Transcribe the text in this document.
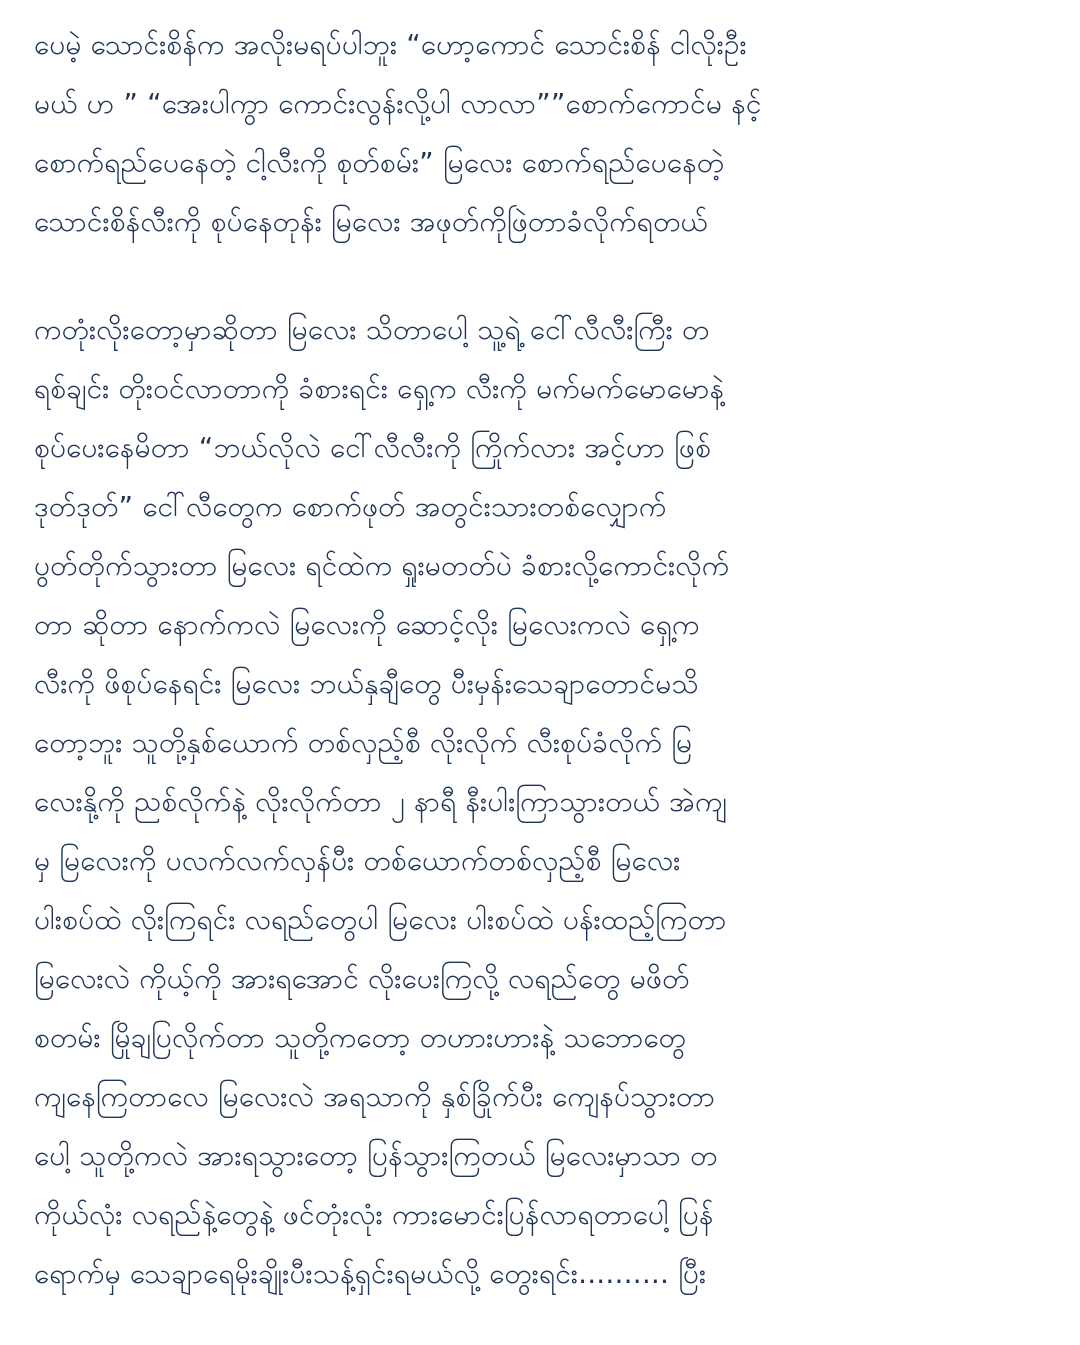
ပေမဲ့ သောင်းစိန်က အလိုးမရပ်ပါဘူး “ဟော့ကောင် သောင်းစိန် ငါလိုးဦး
မယ် ဟ ” “အေးပါကွာ ကောင်းလွန်းလို့ပါ လာလာ””စောက်ကောင်မ နင့်
စောက်ရည်ပေနေတဲ့ ငါ့လီးကို စုတ်စမ်း” မြလေး စောက်ရည်ပေနေတဲ့
သောင်းစိန်လီးကို စုပ်နေတုန်း မြလေး အဖုတ်ကိုဖြဲတာခံလိုက်ရတယ်
ကတုံးလိုးတော့မှာဆိုတာ မြလေး သိတာပေါ့ သူ့ရဲ့ ငေါ်လီလီးကြီး တ
ရစ်ချင်း တိုးဝင်လာတာကို ခံစားရင်း ရှေ့က လီးကို မက်မက်မောမောနဲ့
စုပ်ပေးနေမိတာ “ဘယ်လိုလဲ ငေါ်လီလီးကို ကြိုက်လား အင့်ဟာ ဖြစ်
ဒုတ်ဒုတ်” ငေါ်လီတွေက စောက်ဖုတ် အတွင်းသားတစ်လျှောက်
ပွတ်တိုက်သွားတာ မြလေး ရင်ထဲက ရှုးမတတ်ပဲ ခံစားလို့ကောင်းလိုက်
တာ ဆိုတာ နောက်ကလဲ မြလေးကို ဆောင့်လိုး မြလေးကလဲ ရှေ့က
လီးကို ဖိစုပ်နေရင်း မြလေး ဘယ်နှချီတွေ ပီးမှန်းသေချာတောင်မသိ
တော့ဘူး သူတို့နှစ်ယောက် တစ်လှည့်စီ လိုးလိုက် လီးစုပ်ခံလိုက် မြ
လေးနို့ကို ညစ်လိုက်နဲ့ လိုးလိုက်တာ ၂ နာရီ နီးပါးကြာသွားတယ် အဲကျ
မှ မြလေးကို ပလက်လက်လှန်ပီး တစ်ယောက်တစ်လှည့်စီ မြလေး
ပါးစပ်ထဲ လိုးကြရင်း လရည်တွေပါ မြလေး ပါးစပ်ထဲ ပန်းထည့်ကြတာ
မြလေးလဲ ကိုယ့်ကို အားရအောင် လိုးပေးကြလို့ လရည်တွေ မဖိတ်
စတမ်း မြိုချပြလိုက်တာ သူတို့ကတော့ တဟားဟားနဲ့ သဘောတွေ
ကျနေကြတာလေ မြလေးလဲ အရသာကို နှစ်ခြိုက်ပီး ကျေနပ်သွားတာ
ပေါ့ သူတို့ကလဲ အားရသွားတော့ ပြန်သွားကြတယ် မြလေးမှာသာ တ
ကိုယ်လုံး လရည်နဲ့တွေနဲ့ ဖင်တုံးလုံး ကားမောင်းပြန်လာရတာပေါ့ ပြန်
ရောက်မှ သေချာရေမိုးချိုးပီးသန့်ရှင်းရမယ်လို့ တွေးရင်း.......... ပြီး
